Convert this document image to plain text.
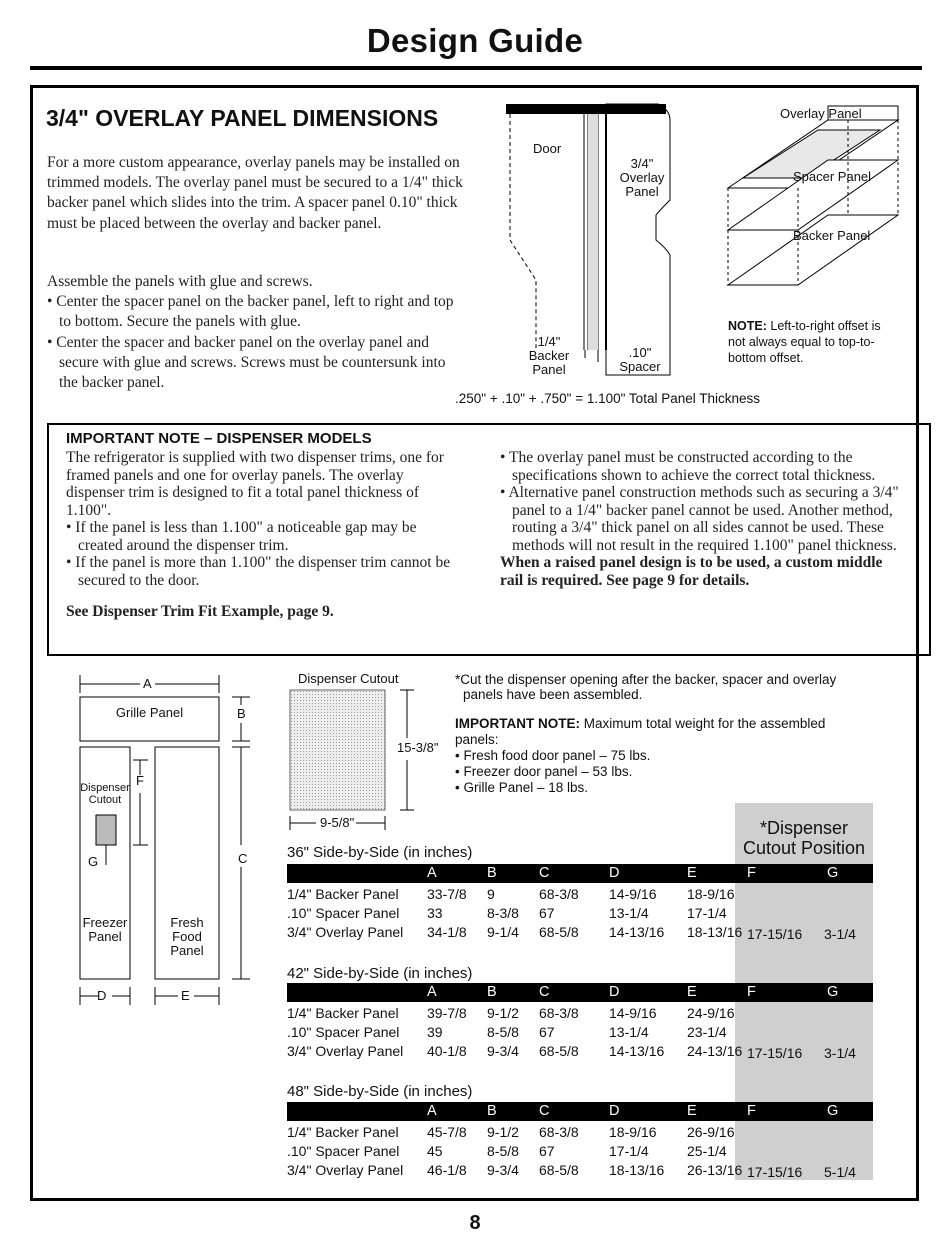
Design Guide
3/4" OVERLAY PANEL DIMENSIONS
For a more custom appearance, overlay panels may be installed on trimmed models. The overlay panel must be secured to a 1/4" thick backer panel which slides into the trim. A spacer panel 0.10" thick must be placed between the overlay and backer panel.
Assemble the panels with glue and screws.
• Center the spacer panel on the backer panel, left to right and top to bottom. Secure the panels with glue.
• Center the spacer and backer panel on the overlay panel and secure with glue and screws. Screws must be countersunk into the backer panel.
Door
3/4"
Overlay
Panel
1/4"
Backer
Panel
.10"
Spacer
.250" + .10" + .750" = 1.100" Total Panel Thickness
Overlay Panel
Spacer Panel
Backer Panel
NOTE: Left-to-right offset is not always equal to top-to-bottom offset.
IMPORTANT NOTE – DISPENSER MODELS

The refrigerator is supplied with two dispenser trims, one for framed panels and one for overlay panels. The overlay dispenser trim is designed to fit a total panel thickness of 1.100".

• If the panel is less than 1.100" a noticeable gap may be created around the dispenser trim.

• If the panel is more than 1.100" the dispenser trim cannot be secured to the door.

See Dispenser Trim Fit Example, page 9.

• The overlay panel must be constructed according to the specifications shown to achieve the correct total thickness.

• Alternative panel construction methods such as securing a 3/4" panel to a 1/4" backer panel cannot be used. Another method, routing a 3/4" thick panel on all sides cannot be used. These methods will not result in the required 1.100" panel thickness.

When a raised panel design is to be used, a custom middle rail is required. See page 9 for details.

A
B
C
D	E
F
G
Grille Panel
Dispenser
Cutout
Freezer
Panel
Fresh Food
Panel
Dispenser Cutout
15-3/8"
9-5/8"
*Cut the dispenser opening after the backer, spacer and overlay
panels have been assembled.
IMPORTANT NOTE: Maximum total weight for the assembled
panels:
• Fresh food door panel – 75 lbs.
• Freezer door panel – 53 lbs.
• Grille Panel – 18 lbs.
*Dispenser
Cutout Position
36" Side-by-Side (in inches)
A	B	C	D	E	F	G
1/4" Backer Panel	33-7/8	9	68-3/8	14-9/16	18-9/16
.10" Spacer Panel	33	8-3/8	67	13-1/4	17-1/4
3/4" Overlay Panel	34-1/8	9-1/4	68-5/8	14-13/16	18-13/16 17-15/16 3-1/4
42" Side-by-Side (in inches)
A	B	C	D	E	F	G
1/4" Backer Panel	39-7/8	9-1/2	68-3/8	14-9/16	24-9/16
.10" Spacer Panel	39	8-5/8	67	13-1/4	23-1/4
3/4" Overlay Panel	40-1/8	9-3/4	68-5/8	14-13/16	24-13/16 17-15/16 3-1/4
48" Side-by-Side (in inches)
A	B	C	D	E	F	G
1/4" Backer Panel	45-7/8	9-1/2	68-3/8	18-9/16	26-9/16
.10" Spacer Panel	45	8-5/8	67	17-1/4	25-1/4
3/4" Overlay Panel	46-1/8	9-3/4	68-5/8	18-13/16	26-13/16 17-15/16 5-1/4
8
